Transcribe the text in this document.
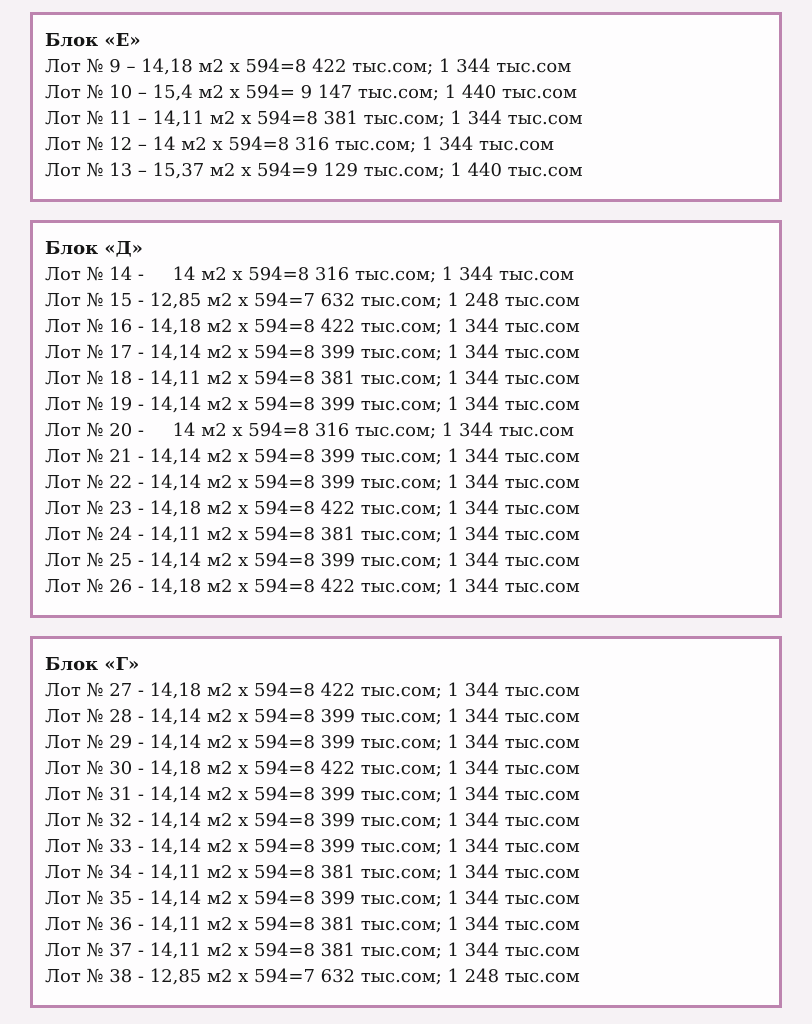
Блок «Е»
Лот № 9 – 14,18 м2 х 594=8 422 тыс.сом; 1 344 тыс.сом
Лот № 10 – 15,4 м2 х 594= 9 147 тыс.сом; 1 440 тыс.сом
Лот № 11 – 14,11 м2 х 594=8 381 тыс.сом; 1 344 тыс.сом
Лот № 12 – 14 м2 х 594=8 316 тыс.сом; 1 344 тыс.сом
Лот № 13 – 15,37 м2 х 594=9 129 тыс.сом; 1 440 тыс.сом
Блок «Д»
Лот № 14 -     14 м2 х 594=8 316 тыс.сом; 1 344 тыс.сом
Лот № 15 - 12,85 м2 х 594=7 632 тыс.сом; 1 248 тыс.сом
Лот № 16 - 14,18 м2 х 594=8 422 тыс.сом; 1 344 тыс.сом
Лот № 17 - 14,14 м2 х 594=8 399 тыс.сом; 1 344 тыс.сом
Лот № 18 - 14,11 м2 х 594=8 381 тыс.сом; 1 344 тыс.сом
Лот № 19 - 14,14 м2 х 594=8 399 тыс.сом; 1 344 тыс.сом
Лот № 20 -     14 м2 х 594=8 316 тыс.сом; 1 344 тыс.сом
Лот № 21 - 14,14 м2 х 594=8 399 тыс.сом; 1 344 тыс.сом
Лот № 22 - 14,14 м2 х 594=8 399 тыс.сом; 1 344 тыс.сом
Лот № 23 - 14,18 м2 х 594=8 422 тыс.сом; 1 344 тыс.сом
Лот № 24 - 14,11 м2 х 594=8 381 тыс.сом; 1 344 тыс.сом
Лот № 25 - 14,14 м2 х 594=8 399 тыс.сом; 1 344 тыс.сом
Лот № 26 - 14,18 м2 х 594=8 422 тыс.сом; 1 344 тыс.сом
Блок «Г»
Лот № 27 - 14,18 м2 х 594=8 422 тыс.сом; 1 344 тыс.сом
Лот № 28 - 14,14 м2 х 594=8 399 тыс.сом; 1 344 тыс.сом
Лот № 29 - 14,14 м2 х 594=8 399 тыс.сом; 1 344 тыс.сом
Лот № 30 - 14,18 м2 х 594=8 422 тыс.сом; 1 344 тыс.сом
Лот № 31 - 14,14 м2 х 594=8 399 тыс.сом; 1 344 тыс.сом
Лот № 32 - 14,14 м2 х 594=8 399 тыс.сом; 1 344 тыс.сом
Лот № 33 - 14,14 м2 х 594=8 399 тыс.сом; 1 344 тыс.сом
Лот № 34 - 14,11 м2 х 594=8 381 тыс.сом; 1 344 тыс.сом
Лот № 35 - 14,14 м2 х 594=8 399 тыс.сом; 1 344 тыс.сом
Лот № 36 - 14,11 м2 х 594=8 381 тыс.сом; 1 344 тыс.сом
Лот № 37 - 14,11 м2 х 594=8 381 тыс.сом; 1 344 тыс.сом
Лот № 38 - 12,85 м2 х 594=7 632 тыс.сом; 1 248 тыс.сом
